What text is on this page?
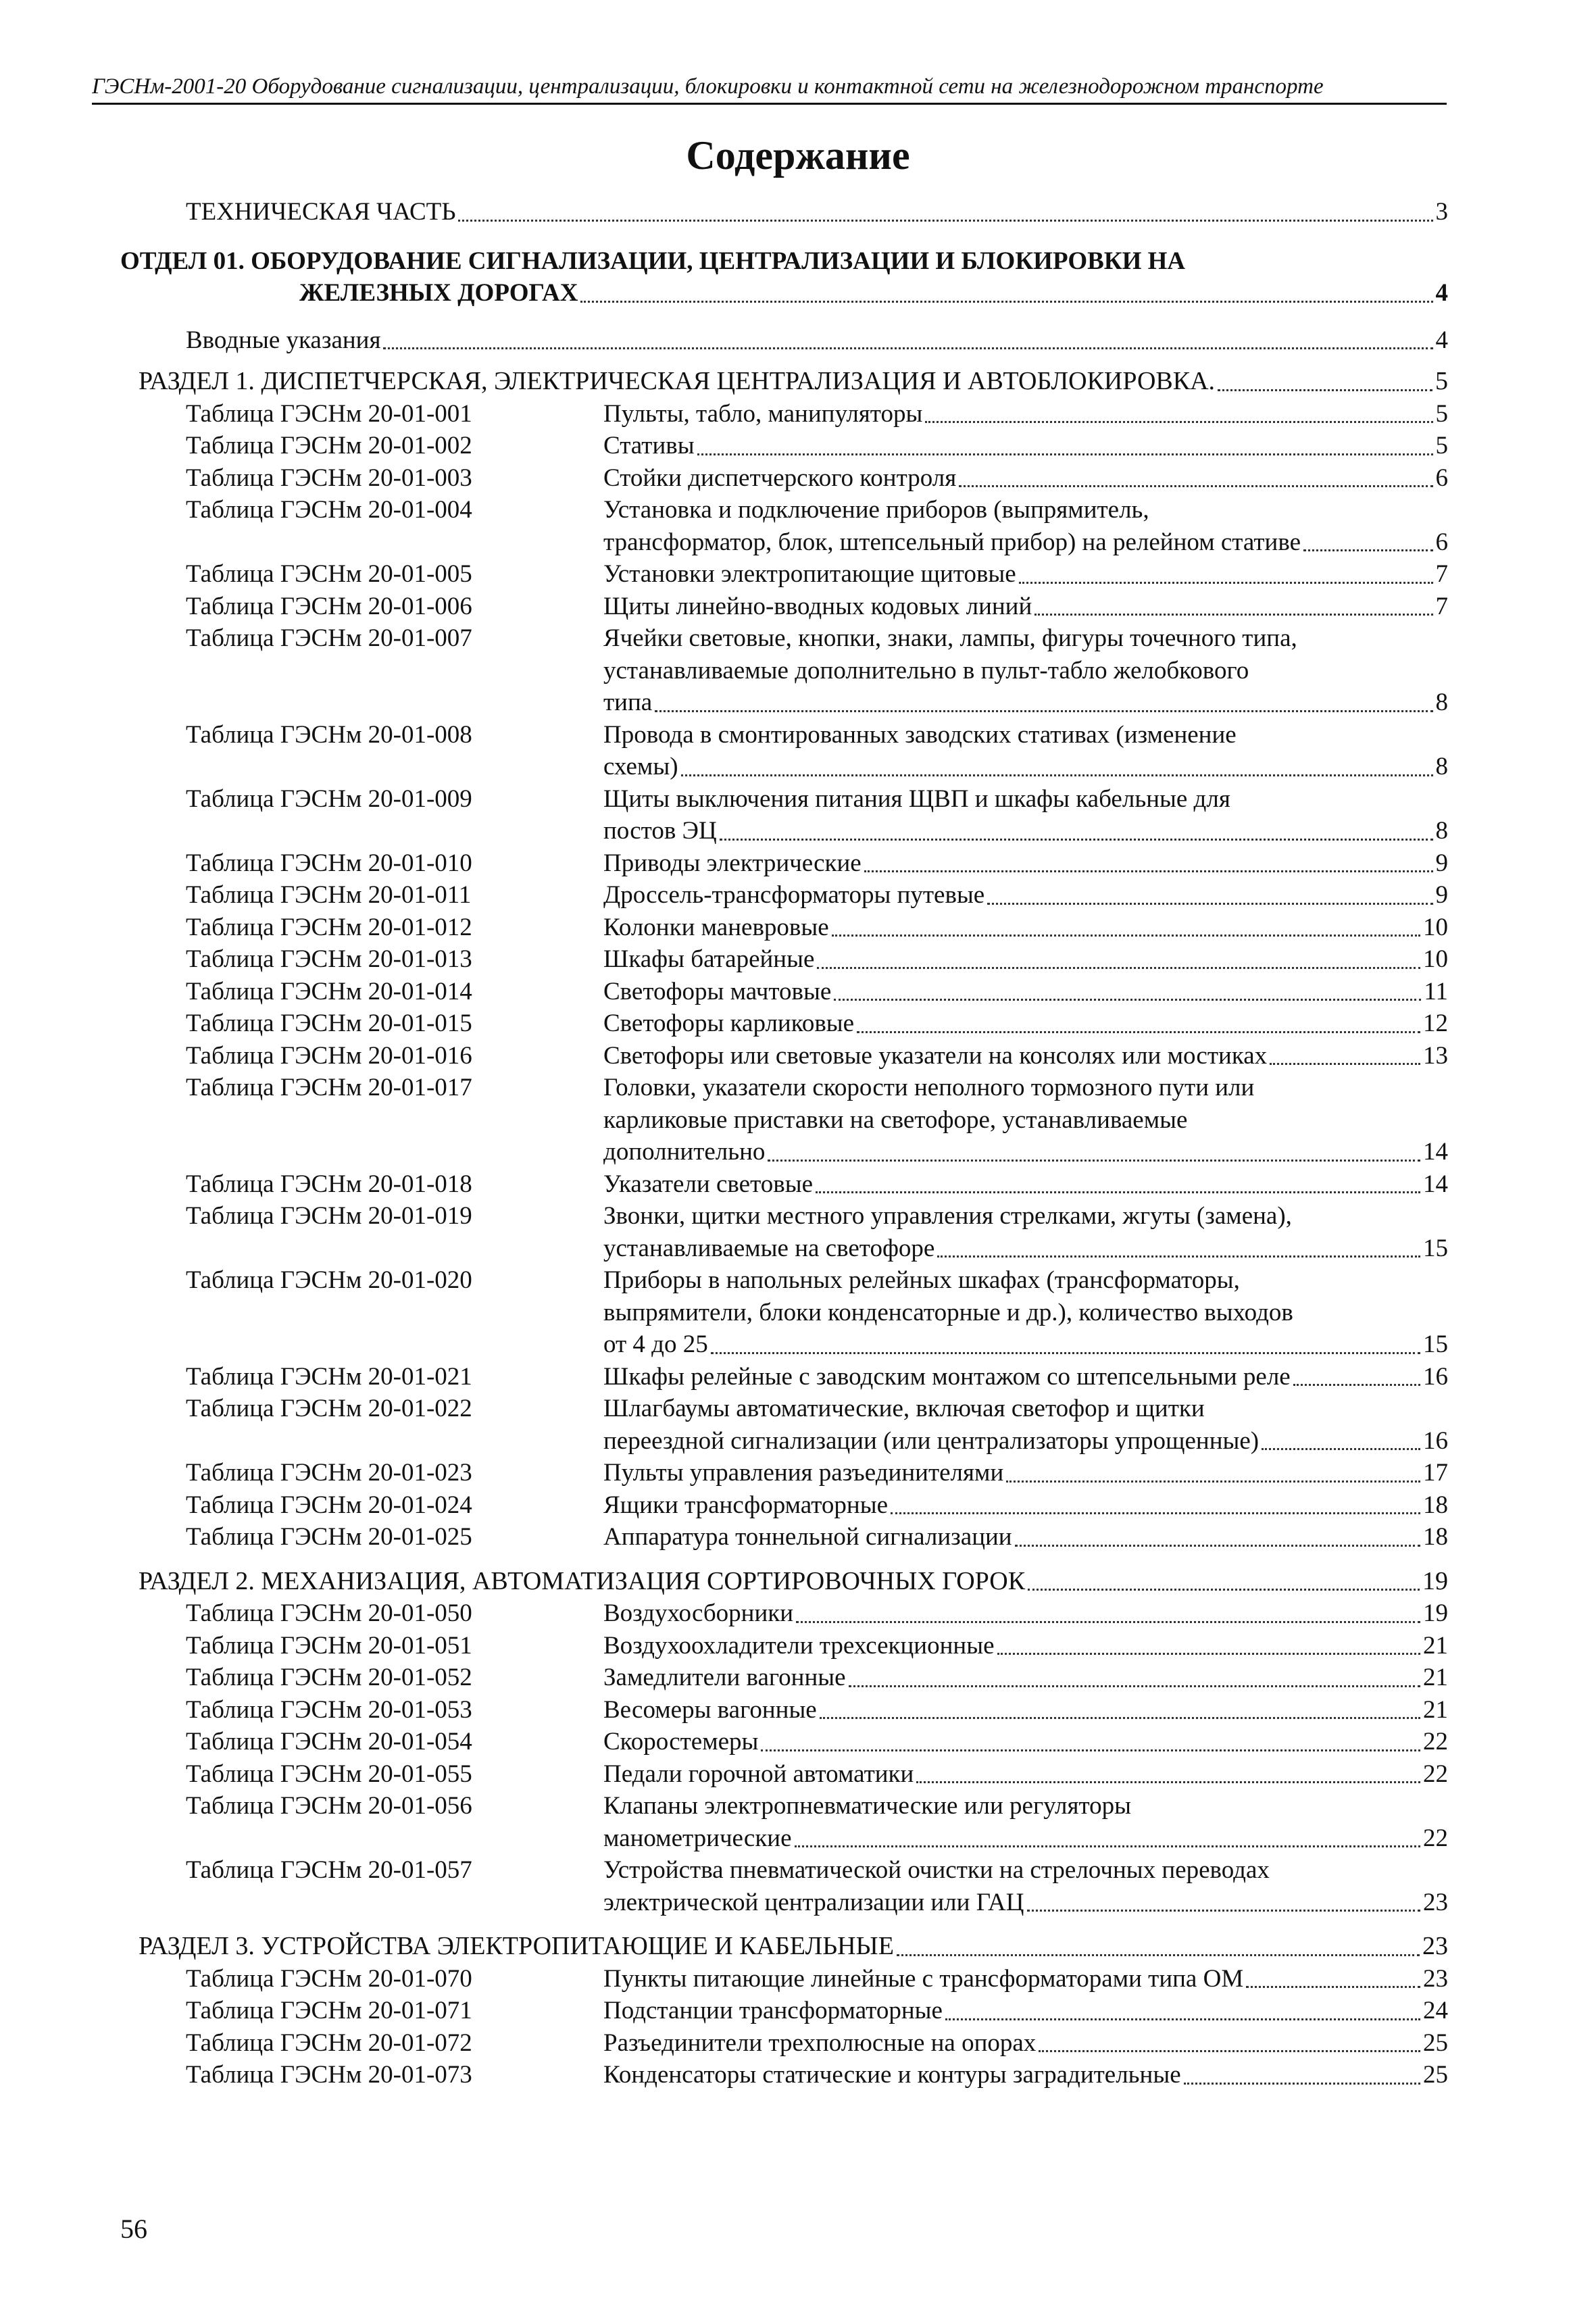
ГЭСНм-2001-20 Оборудование сигнализации, централизации, блокировки и контактной сети на железнодорожном транспорте
Содержание
ТЕХНИЧЕСКАЯ ЧАСТЬ	3
ОТДЕЛ 01. ОБОРУДОВАНИЕ СИГНАЛИЗАЦИИ, ЦЕНТРАЛИЗАЦИИ И БЛОКИРОВКИ НА
ЖЕЛЕЗНЫХ ДОРОГАХ	4
Вводные указания	4
РАЗДЕЛ 1. ДИСПЕТЧЕРСКАЯ, ЭЛЕКТРИЧЕСКАЯ ЦЕНТРАЛИЗАЦИЯ И АВТОБЛОКИРОВКА.	5
Таблица ГЭСНм 20-01-001	Пульты, табло, манипуляторы	5
Таблица ГЭСНм 20-01-002	Стативы	5
Таблица ГЭСНм 20-01-003	Стойки диспетчерского контроля	6
Таблица ГЭСНм 20-01-004	Установка и подключение приборов (выпрямитель,
трансформатор, блок, штепсельный прибор) на релейном стативе	6
Таблица ГЭСНм 20-01-005	Установки электропитающие щитовые	7
Таблица ГЭСНм 20-01-006	Щиты линейно-вводных кодовых линий	7
Таблица ГЭСНм 20-01-007	Ячейки световые, кнопки, знаки, лампы, фигуры точечного типа,
устанавливаемые дополнительно в пульт-табло желобкового
типа	8
Таблица ГЭСНм 20-01-008	Провода в смонтированных заводских стативах (изменение
схемы)	8
Таблица ГЭСНм 20-01-009	Щиты выключения питания ЩВП и шкафы кабельные для
постов ЭЦ	8
Таблица ГЭСНм 20-01-010	Приводы электрические	9
Таблица ГЭСНм 20-01-011	Дроссель-трансформаторы путевые	9
Таблица ГЭСНм 20-01-012	Колонки маневровые	10
Таблица ГЭСНм 20-01-013	Шкафы батарейные	10
Таблица ГЭСНм 20-01-014	Светофоры мачтовые	11
Таблица ГЭСНм 20-01-015	Светофоры карликовые	12
Таблица ГЭСНм 20-01-016	Светофоры или световые указатели на консолях или мостиках	13
Таблица ГЭСНм 20-01-017	Головки, указатели скорости неполного тормозного пути или
карликовые приставки на светофоре, устанавливаемые
дополнительно	14
Таблица ГЭСНм 20-01-018	Указатели световые	14
Таблица ГЭСНм 20-01-019	Звонки, щитки местного управления стрелками, жгуты (замена),
устанавливаемые на светофоре	15
Таблица ГЭСНм 20-01-020	Приборы в напольных релейных шкафах (трансформаторы,
выпрямители, блоки конденсаторные и др.), количество выходов
от 4 до 25	15
Таблица ГЭСНм 20-01-021	Шкафы релейные с заводским монтажом со штепсельными реле	16
Таблица ГЭСНм 20-01-022	Шлагбаумы автоматические, включая светофор и щитки
переездной сигнализации (или централизаторы упрощенные)	16
Таблица ГЭСНм 20-01-023	Пульты управления разъединителями	17
Таблица ГЭСНм 20-01-024	Ящики трансформаторные	18
Таблица ГЭСНм 20-01-025	Аппаратура тоннельной сигнализации	18
РАЗДЕЛ 2. МЕХАНИЗАЦИЯ, АВТОМАТИЗАЦИЯ СОРТИРОВОЧНЫХ ГОРОК	19
Таблица ГЭСНм 20-01-050	Воздухосборники	19
Таблица ГЭСНм 20-01-051	Воздухоохладители трехсекционные	21
Таблица ГЭСНм 20-01-052	Замедлители вагонные	21
Таблица ГЭСНм 20-01-053	Весомеры вагонные	21
Таблица ГЭСНм 20-01-054	Скоростемеры	22
Таблица ГЭСНм 20-01-055	Педали горочной автоматики	22
Таблица ГЭСНм 20-01-056	Клапаны электропневматические или регуляторы
манометрические	22
Таблица ГЭСНм 20-01-057	Устройства пневматической очистки на стрелочных переводах
электрической централизации или ГАЦ	23
РАЗДЕЛ 3. УСТРОЙСТВА ЭЛЕКТРОПИТАЮЩИЕ И КАБЕЛЬНЫЕ	23
Таблица ГЭСНм 20-01-070	Пункты питающие линейные с трансформаторами типа ОМ	23
Таблица ГЭСНм 20-01-071	Подстанции трансформаторные	24
Таблица ГЭСНм 20-01-072	Разъединители трехполюсные на опорах	25
Таблица ГЭСНм 20-01-073	Конденсаторы статические и контуры заградительные	25
56
